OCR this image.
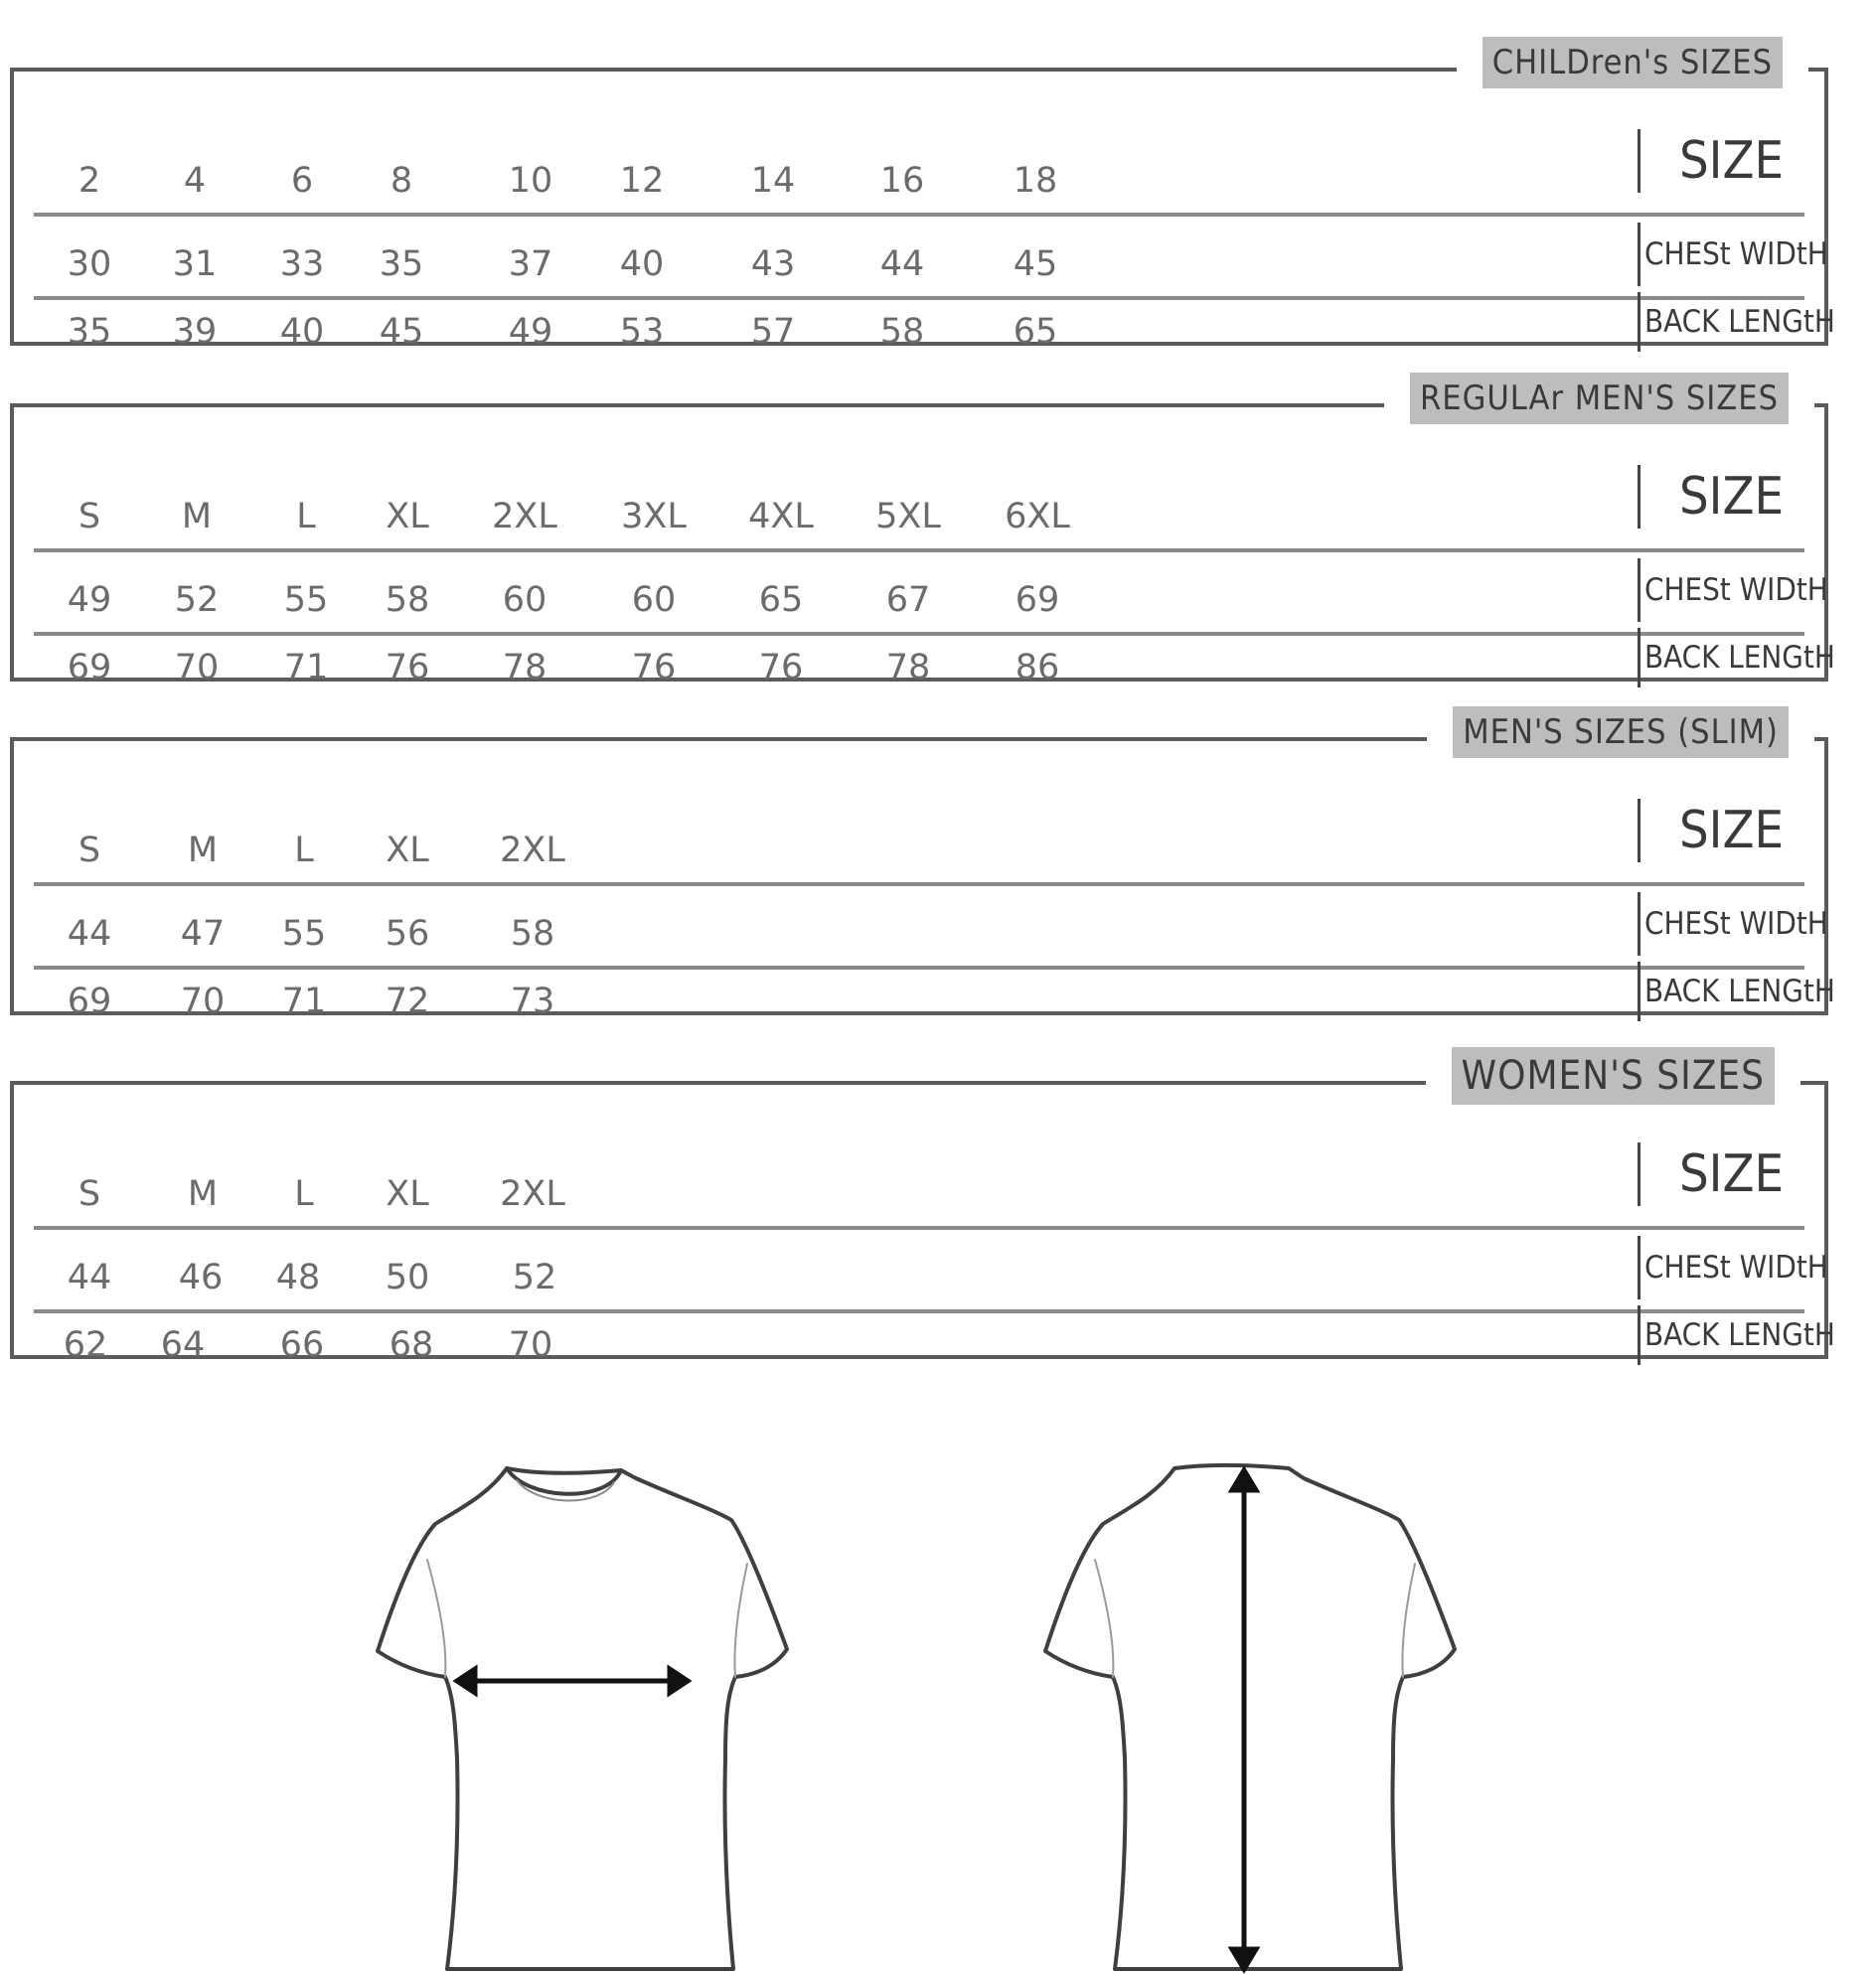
CHILDren's SIZES
2 4 6 8	10 12 14 16	18	SIZE
30 31 33 35 37 40 43 44	45	CHESt WIDtH
35 39 40 45 49 53 57 58	65	BACK LENGtH
REGULAr MEN'S SIZES
S M L XL 2XL 3XL 4XL 5XL 6XL	SIZE
49 52 55 58 60 60 65 67 69	CHESt WIDtH
69 70 71 76 78 76 76 78 86	BACK LENGtH
MEN'S SIZES (SLIM)
S	M L XL 2XL	SIZE
44 47 55 56 58	CHESt WIDtH
69 70 71 72 73	BACK LENGtH
WOMEN'S SIZES
S	M L XL 2XL	SIZE
44 46 48 50 52	CHESt WIDtH
62 64 66 68 70	BACK LENGtH
